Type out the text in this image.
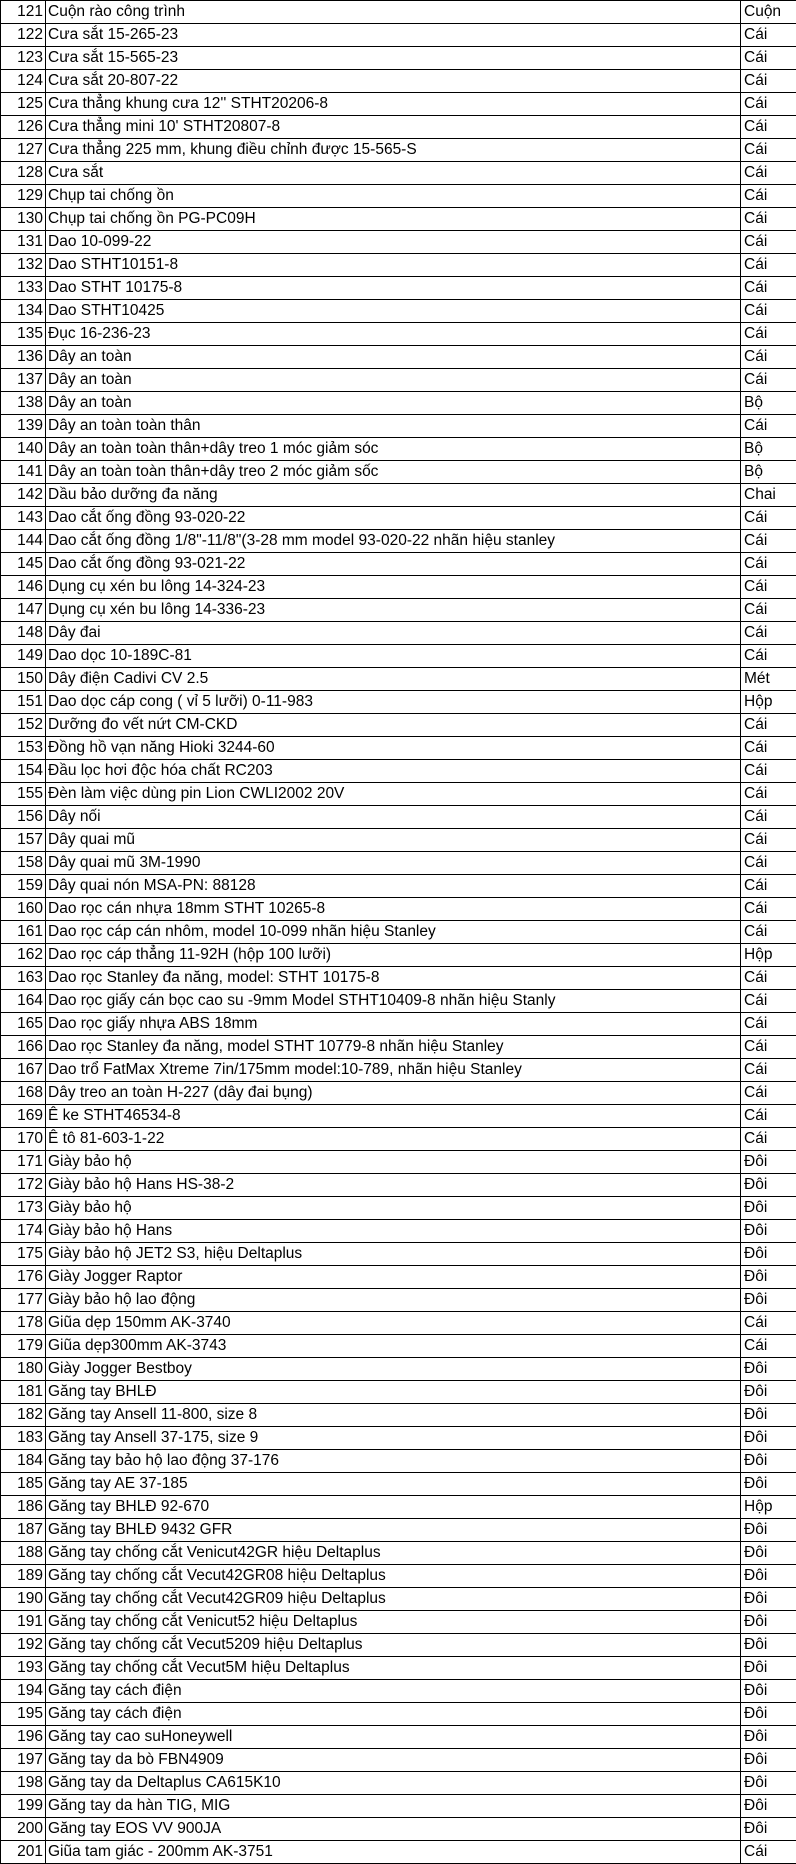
121	Cuộn rào công trình	Cuộn
122	Cưa sắt 15-265-23	Cái
123	Cưa sắt 15-565-23	Cái
124	Cưa sắt 20-807-22	Cái
125	Cưa thẳng khung cưa 12'' STHT20206-8	Cái
126	Cưa thẳng mini 10' STHT20807-8	Cái
127	Cưa thẳng 225 mm, khung điều chỉnh được 15-565-S	Cái
128	Cưa sắt	Cái
129	Chụp tai chống ồn	Cái
130	Chụp tai chống ồn PG-PC09H	Cái
131	Dao 10-099-22	Cái
132	Dao STHT10151-8	Cái
133	Dao STHT 10175-8	Cái
134	Dao STHT10425	Cái
135	Đục 16-236-23	Cái
136	Dây an toàn	Cái
137	Dây an toàn	Cái
138	Dây an toàn	Bộ
139	Dây an toàn toàn thân	Cái
140	Dây an toàn toàn thân+dây treo 1 móc giảm sóc	Bộ
141	Dây an toàn toàn thân+dây treo 2 móc giảm sốc	Bộ
142	Dầu bảo dưỡng đa năng	Chai
143	Dao cắt ống đồng 93-020-22	Cái
144	Dao cắt ống đồng 1/8"-11/8"(3-28 mm model 93-020-22 nhãn hiệu stanley	Cái
145	Dao cắt ống đồng 93-021-22	Cái
146	Dụng cụ xén bu lông 14-324-23	Cái
147	Dụng cụ xén bu lông 14-336-23	Cái
148	Dây đai	Cái
149	Dao dọc 10-189C-81	Cái
150	Dây điện Cadivi CV 2.5	Mét
151	Dao dọc cáp cong ( vỉ 5 lưỡi) 0-11-983	Hộp
152	Dưỡng đo vết nứt CM-CKD	Cái
153	Đồng hồ vạn năng Hioki 3244-60	Cái
154	Đầu lọc hơi độc hóa chất RC203	Cái
155	Đèn làm việc dùng pin Lion CWLI2002 20V	Cái
156	Dây nối	Cái
157	Dây quai mũ	Cái
158	Dây quai mũ 3M-1990	Cái
159	Dây quai nón MSA-PN: 88128	Cái
160	Dao rọc cán nhựa 18mm STHT 10265-8	Cái
161	Dao rọc cáp cán nhôm, model 10-099 nhãn hiệu Stanley	Cái
162	Dao rọc cáp thẳng 11-92H (hộp 100 lưỡi)	Hộp
163	Dao rọc Stanley đa năng, model: STHT 10175-8	Cái
164	Dao rọc giấy cán bọc cao su -9mm Model STHT10409-8 nhãn hiệu Stanly	Cái
165	Dao rọc giấy nhựa ABS 18mm	Cái
166	Dao rọc Stanley đa năng, model STHT 10779-8 nhãn hiệu Stanley	Cái
167	Dao trổ FatMax Xtreme 7in/175mm model:10-789, nhãn hiệu Stanley	Cái
168	Dây treo an toàn H-227 (dây đai bụng)	Cái
169	Ê ke STHT46534-8	Cái
170	Ê tô 81-603-1-22	Cái
171	Giày bảo hộ	Đôi
172	Giày bảo hộ Hans HS-38-2	Đôi
173	Giày bảo hộ	Đôi
174	Giày bảo hộ Hans	Đôi
175	Giày bảo hộ JET2 S3, hiệu Deltaplus	Đôi
176	Giày Jogger Raptor	Đôi
177	Giày bảo hộ lao động	Đôi
178	Giũa dẹp 150mm AK-3740	Cái
179	Giũa dẹp300mm AK-3743	Cái
180	Giày Jogger Bestboy	Đôi
181	Găng tay BHLĐ	Đôi
182	Găng tay Ansell 11-800, size 8	Đôi
183	Găng tay Ansell 37-175, size 9	Đôi
184	Găng tay bảo hộ lao động 37-176	Đôi
185	Găng tay AE 37-185	Đôi
186	Găng tay BHLĐ 92-670	Hộp
187	Găng tay BHLĐ 9432 GFR	Đôi
188	Găng tay chống cắt Venicut42GR hiệu Deltaplus	Đôi
189	Găng tay chống cắt Vecut42GR08 hiệu Deltaplus	Đôi
190	Găng tay chống cắt Vecut42GR09 hiệu Deltaplus	Đôi
191	Găng tay chống cắt Venicut52 hiệu Deltaplus	Đôi
192	Găng tay chống cắt Vecut5209 hiệu Deltaplus	Đôi
193	Găng tay chống cắt Vecut5M hiệu Deltaplus	Đôi
194	Găng tay cách điện	Đôi
195	Găng tay cách điện	Đôi
196	Găng tay cao suHoneywell	Đôi
197	Găng tay da bò FBN4909	Đôi
198	Găng tay da Deltaplus CA615K10	Đôi
199	Găng tay da hàn TIG, MIG	Đôi
200	Găng tay EOS VV 900JA	Đôi
201	Giũa tam giác - 200mm AK-3751	Cái
